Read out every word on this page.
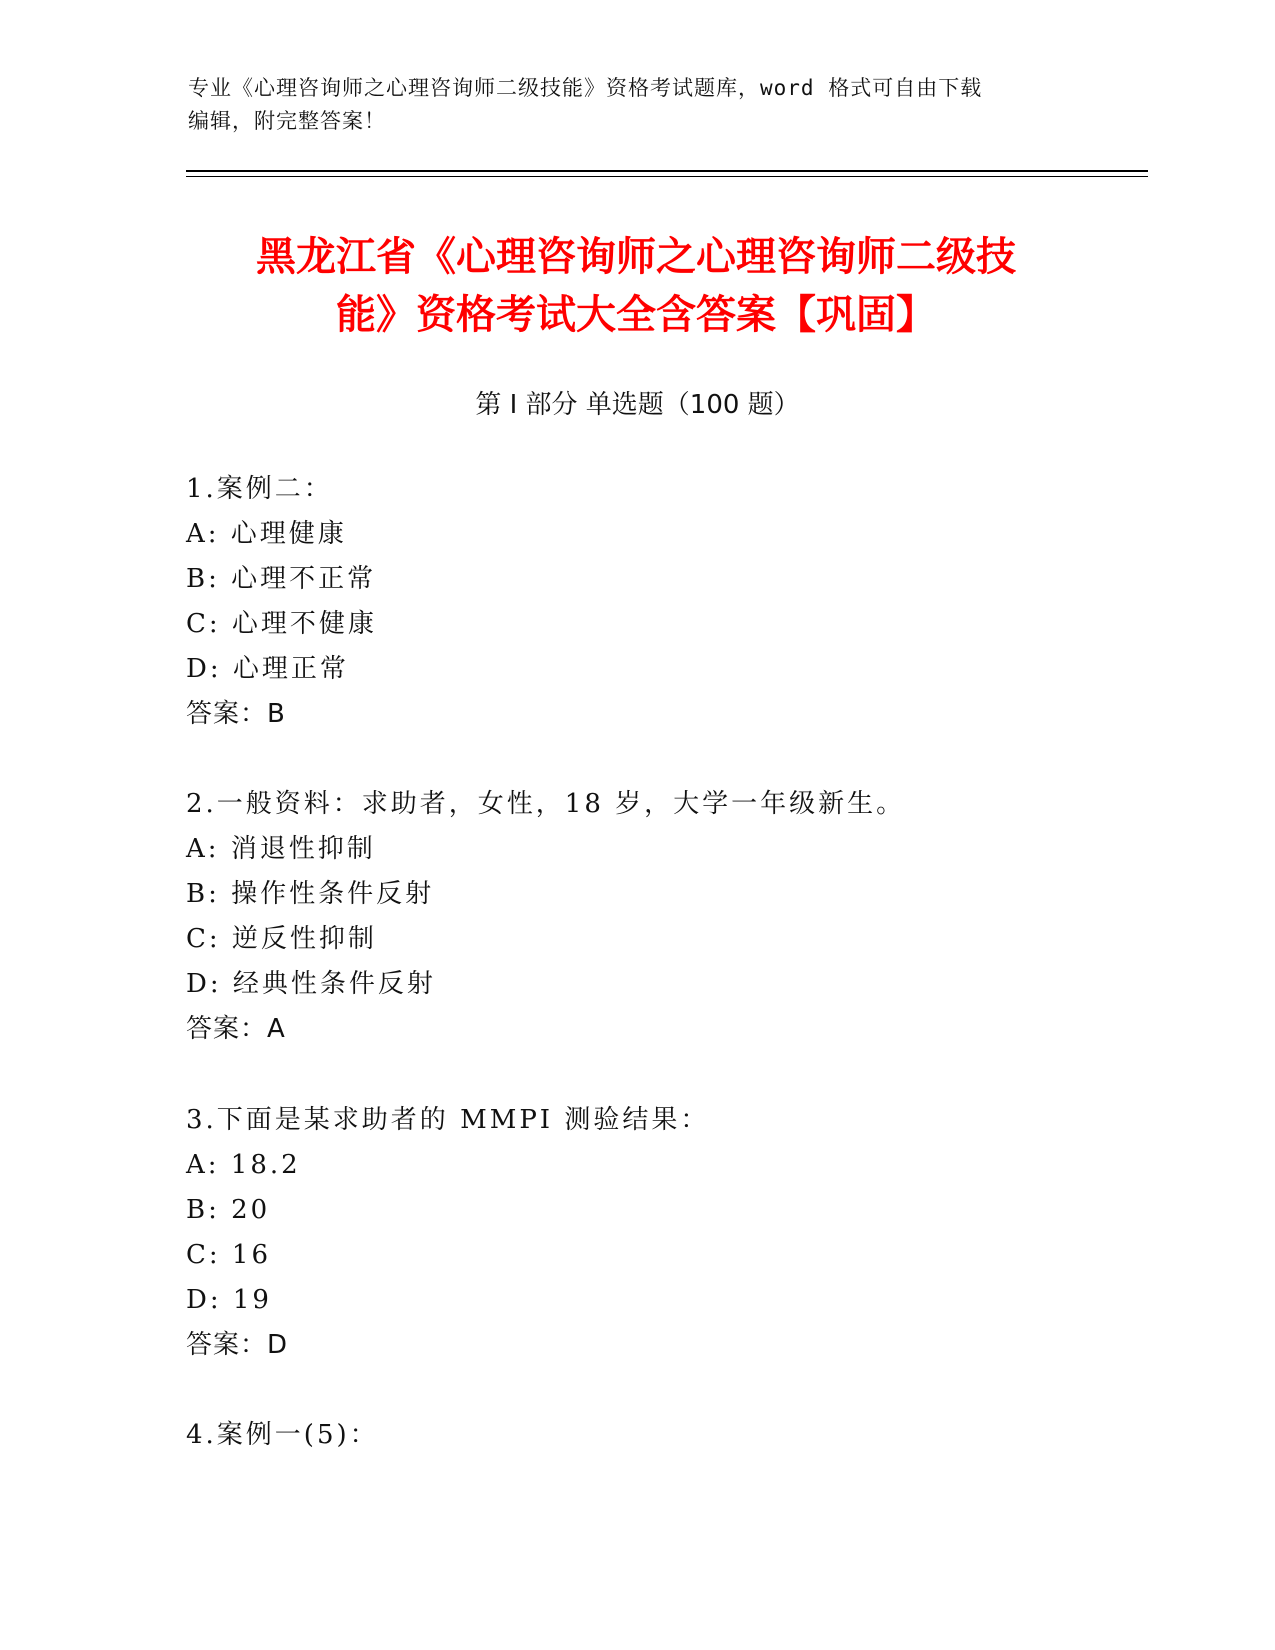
专业《心理咨询师之心理咨询师二级技能》资格考试题库，word 格式可自由下载
编辑，附完整答案！
黑龙江省《心理咨询师之心理咨询师二级技
能》资格考试大全含答案【巩固】
第 I 部分 单选题（100 题）
1.案例二：
A: 心理健康
B: 心理不正常
C: 心理不健康
D: 心理正常
答案：B
2.一般资料：求助者，女性，18 岁，大学一年级新生。
A: 消退性抑制
B: 操作性条件反射
C: 逆反性抑制
D: 经典性条件反射
答案：A
3.下面是某求助者的 MMPI 测验结果：
A: 18.2
B: 20
C: 16
D: 19
答案：D
4.案例一(5)：
